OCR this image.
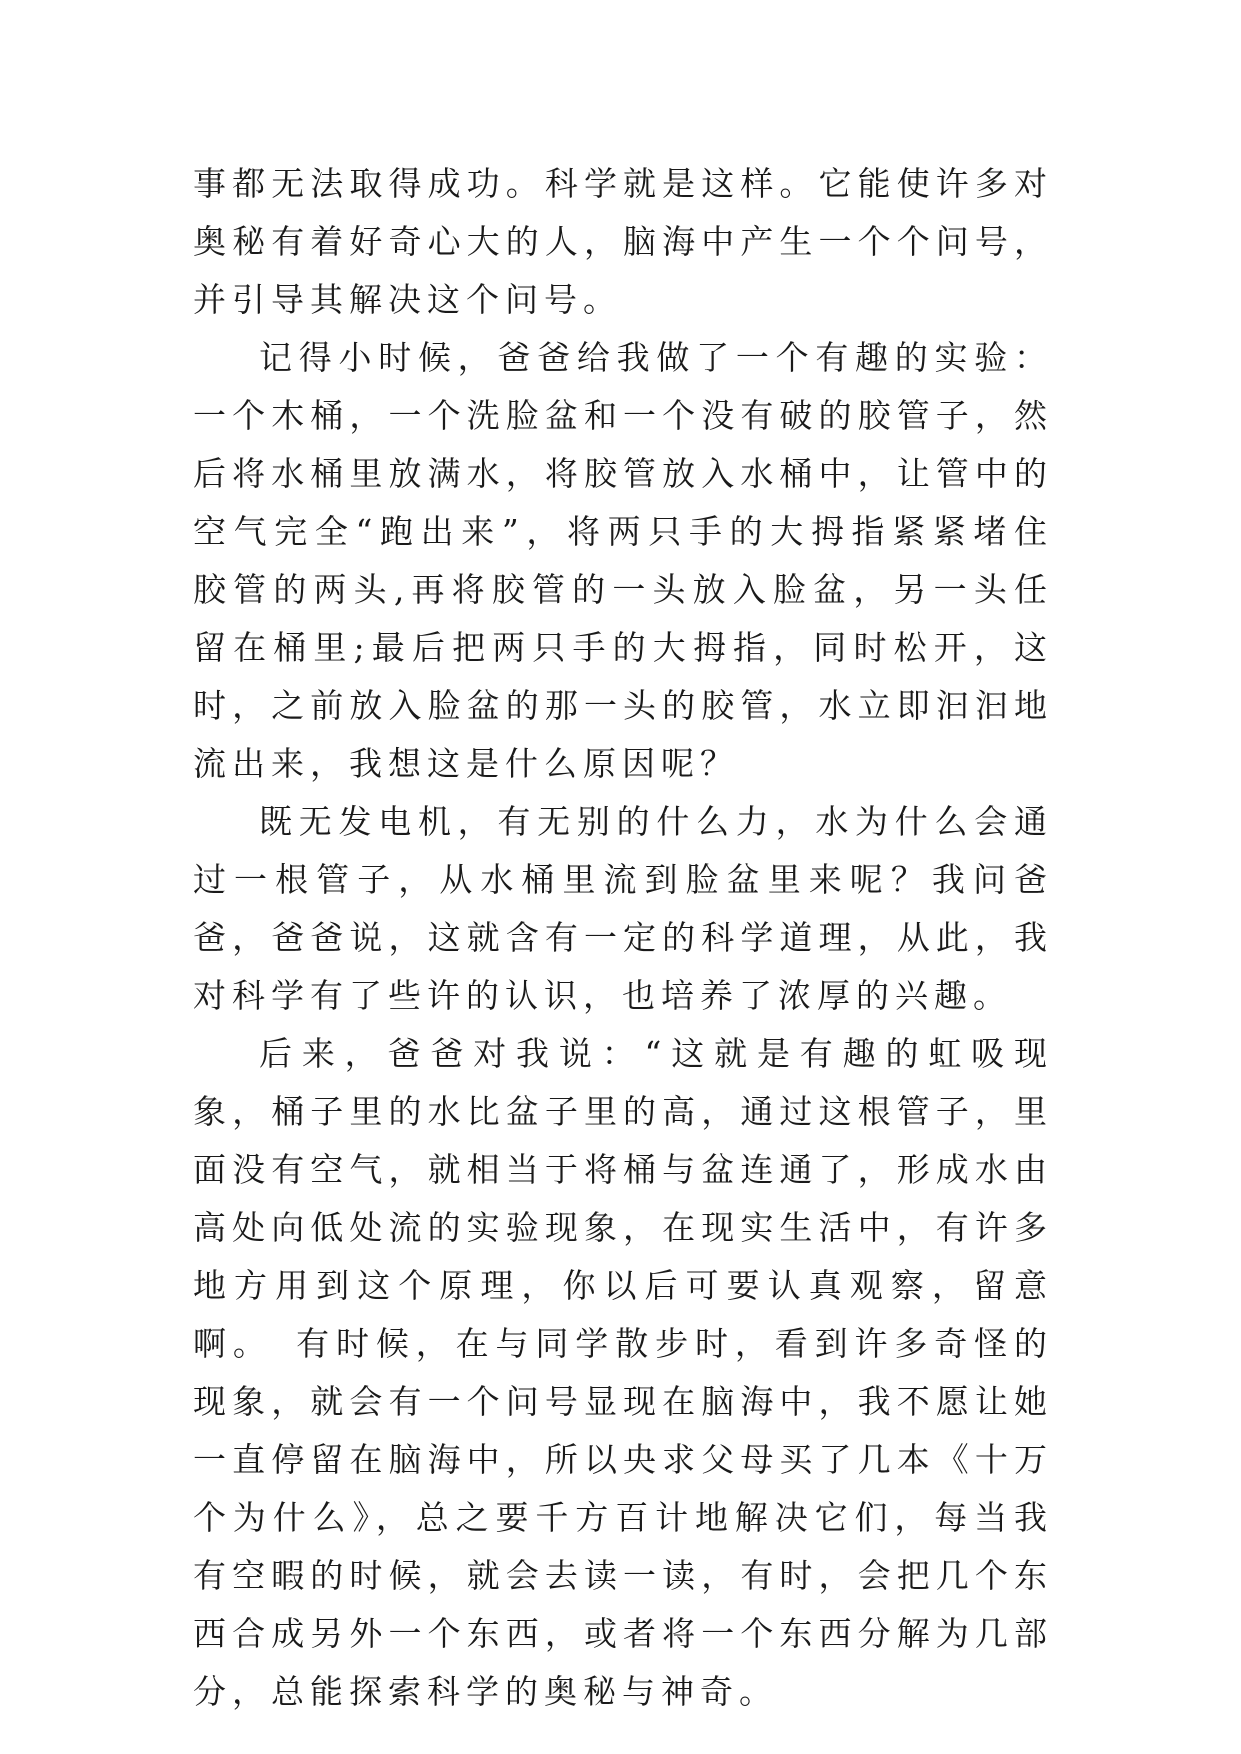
事都无法取得成功。科学就是这样。它能使许多对奥秘有着好奇心大的人，脑海中产生一个个问号，并引导其解决这个问号。

记得小时候，爸爸给我做了一个有趣的实验：一个木桶，一个洗脸盆和一个没有破的胶管子，然后将水桶里放满水，将胶管放入水桶中，让管中的空气完全“跑出来”，将两只手的大拇指紧紧堵住胶管的两头,再将胶管的一头放入脸盆，另一头任留在桶里;最后把两只手的大拇指，同时松开，这时，之前放入脸盆的那一头的胶管，水立即汩汩地流出来，我想这是什么原因呢？

既无发电机，有无别的什么力，水为什么会通过一根管子，从水桶里流到脸盆里来呢？我问爸爸，爸爸说，这就含有一定的科学道理，从此，我对科学有了些许的认识，也培养了浓厚的兴趣。

后来，爸爸对我说：“这就是有趣的虹吸现象，桶子里的水比盆子里的高，通过这根管子，里面没有空气，就相当于将桶与盆连通了，形成水由高处向低处流的实验现象，在现实生活中，有许多地方用到这个原理，你以后可要认真观察，留意啊。　有时候，在与同学散步时，看到许多奇怪的现象，就会有一个问号显现在脑海中，我不愿让她一直停留在脑海中，所以央求父母买了几本《十万个为什么》，总之要千方百计地解决它们，每当我有空暇的时候，就会去读一读，有时，会把几个东西合成另外一个东西，或者将一个东西分解为几部分，总能探索科学的奥秘与神奇。
